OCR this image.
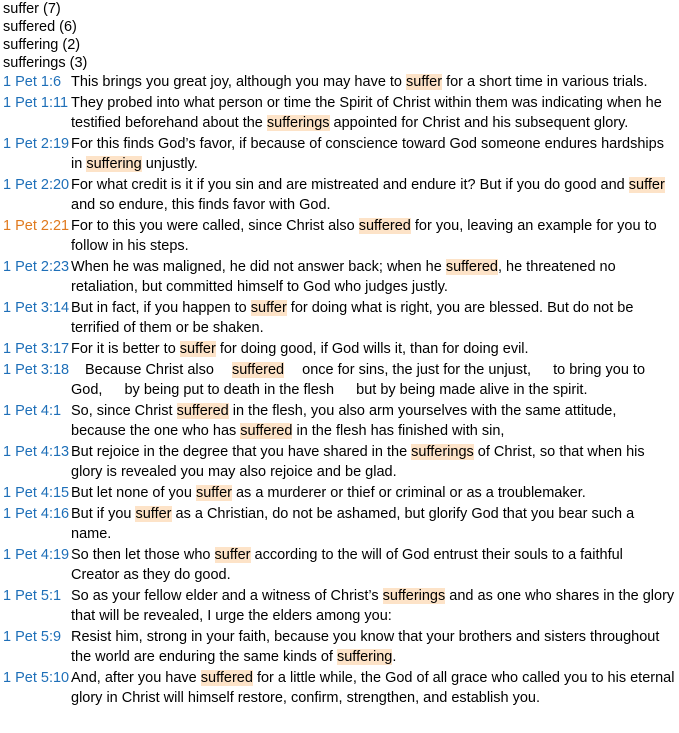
suffer (7)
suffered (6)
suffering (2)
sufferings (3)
1 Pet 1:6 This brings you great joy, although you may have to suffer for a short time in various trials.
1 Pet 1:11 They probed into what person or time the Spirit of Christ within them was indicating when he testified beforehand about the sufferings appointed for Christ and his subsequent glory.
1 Pet 2:19 For this finds God’s favor, if because of conscience toward God someone endures hardships in suffering unjustly.
1 Pet 2:20 For what credit is it if you sin and are mistreated and endure it? But if you do good and suffer and so endure, this finds favor with God.
1 Pet 2:21 For to this you were called, since Christ also suffered for you, leaving an example for you to follow in his steps.
1 Pet 2:23 When he was maligned, he did not answer back; when he suffered, he threatened no retaliation, but committed himself to God who judges justly.
1 Pet 3:14 But in fact, if you happen to suffer for doing what is right, you are blessed. But do not be terrified of them or be shaken.
1 Pet 3:17 For it is better to suffer for doing good, if God wills it, than for doing evil.
1 Pet 3:18	Because Christ also suffered once for sins, the just for the unjust,  to bring you to God,  by being put to death in the flesh  but by being made alive in the spirit.
1 Pet 4:1 So, since Christ suffered in the flesh, you also arm yourselves with the same attitude, because the one who has suffered in the flesh has finished with sin,
1 Pet 4:13 But rejoice in the degree that you have shared in the sufferings of Christ, so that when his glory is revealed you may also rejoice and be glad.
1 Pet 4:15 But let none of you suffer as a murderer or thief or criminal or as a troublemaker.
1 Pet 4:16 But if you suffer as a Christian, do not be ashamed, but glorify God that you bear such a name.
1 Pet 4:19 So then let those who suffer according to the will of God entrust their souls to a faithful Creator as they do good.
1 Pet 5:1 So as your fellow elder and a witness of Christ’s sufferings and as one who shares in the glory that will be revealed, I urge the elders among you:
1 Pet 5:9 Resist him, strong in your faith, because you know that your brothers and sisters throughout the world are enduring the same kinds of suffering.
1 Pet 5:10 And, after you have suffered for a little while, the God of all grace who called you to his eternal glory in Christ will himself restore, confirm, strengthen, and establish you.
